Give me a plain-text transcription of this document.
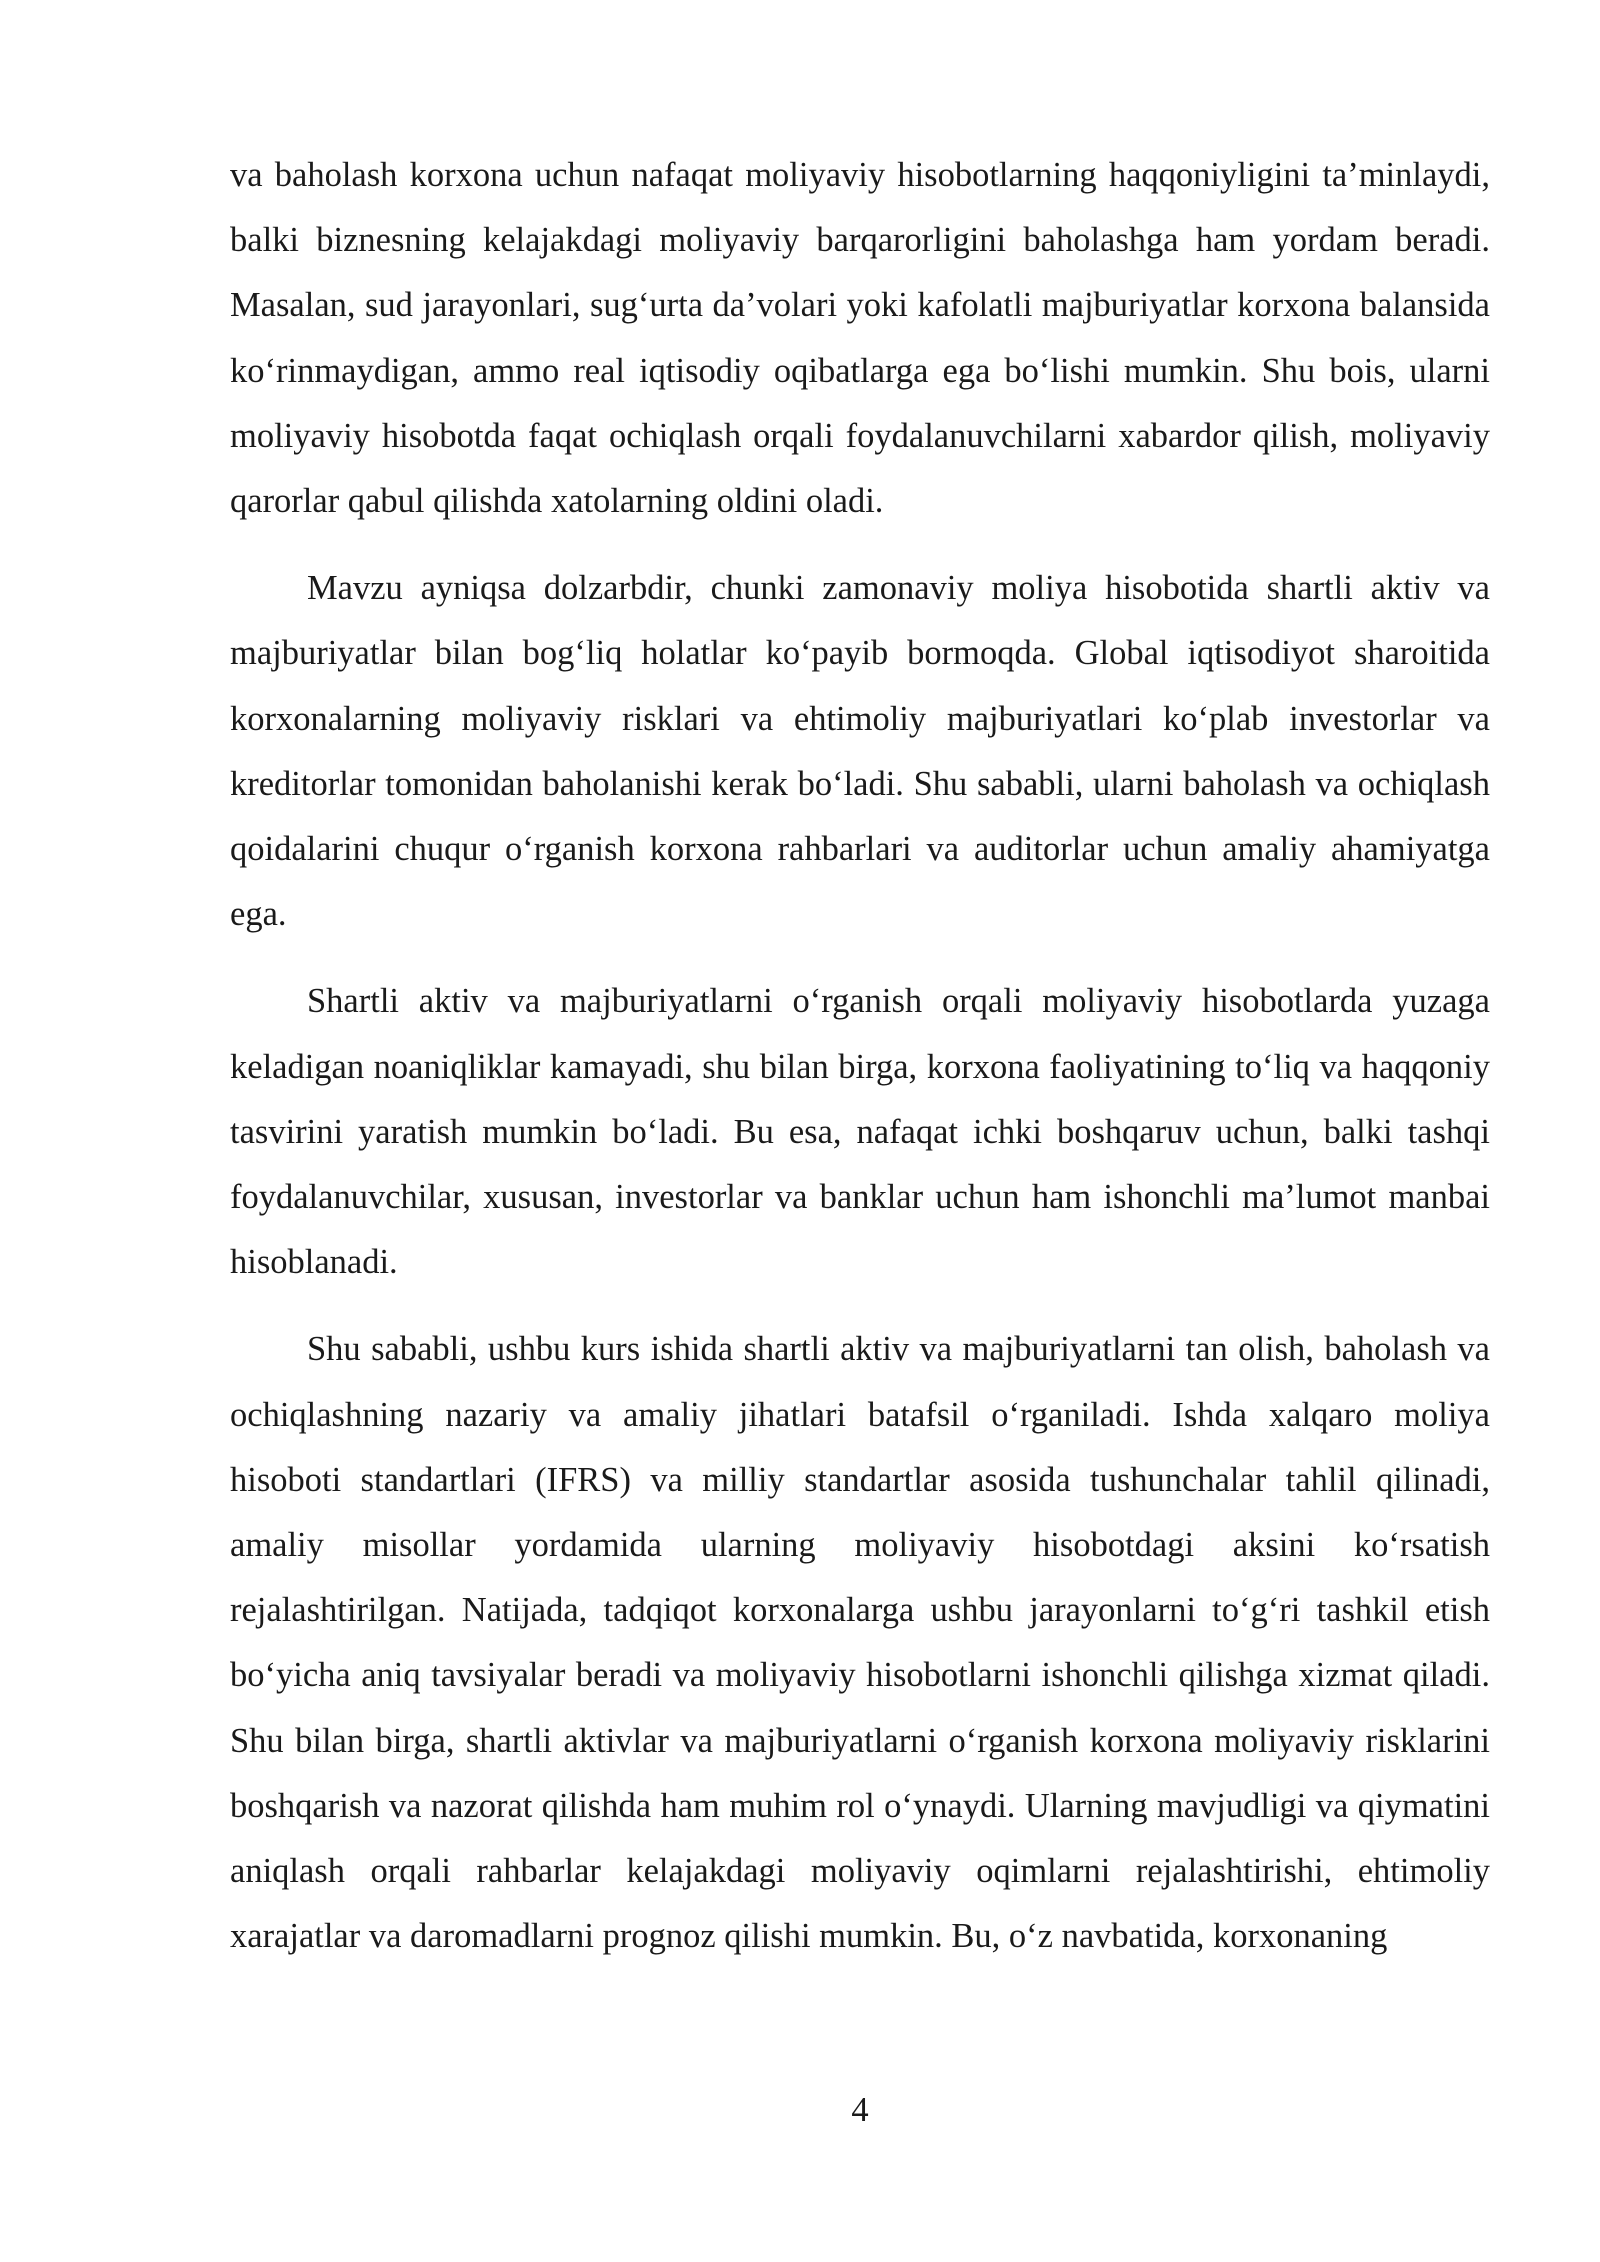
va baholash korxona uchun nafaqat moliyaviy hisobotlarning haqqoniyligini ta’minlaydi, balki biznesning kelajakdagi moliyaviy barqarorligini baholashga ham yordam beradi. Masalan, sud jarayonlari, sug‘urta da’volari yoki kafolatli majburiyatlar korxona balansida ko‘rinmaydigan, ammo real iqtisodiy oqibatlarga ega bo‘lishi mumkin. Shu bois, ularni moliyaviy hisobotda faqat ochiqlash orqali foydalanuvchilarni xabardor qilish, moliyaviy qarorlar qabul qilishda xatolarning oldini oladi.

Mavzu ayniqsa dolzarbdir, chunki zamonaviy moliya hisobotida shartli aktiv va majburiyatlar bilan bog‘liq holatlar ko‘payib bormoqda. Global iqtisodiyot sharoitida korxonalarning moliyaviy risklari va ehtimoliy majburiyatlari ko‘plab investorlar va kreditorlar tomonidan baholanishi kerak bo‘ladi. Shu sababli, ularni baholash va ochiqlash qoidalarini chuqur o‘rganish korxona rahbarlari va auditorlar uchun amaliy ahamiyatga ega.

Shartli aktiv va majburiyatlarni o‘rganish orqali moliyaviy hisobotlarda yuzaga keladigan noaniqliklar kamayadi, shu bilan birga, korxona faoliyatining to‘liq va haqqoniy tasvirini yaratish mumkin bo‘ladi. Bu esa, nafaqat ichki boshqaruv uchun, balki tashqi foydalanuvchilar, xususan, investorlar va banklar uchun ham ishonchli ma’lumot manbai hisoblanadi.

Shu sababli, ushbu kurs ishida shartli aktiv va majburiyatlarni tan olish, baholash va ochiqlashning nazariy va amaliy jihatlari batafsil o‘rganiladi. Ishda xalqaro moliya hisoboti standartlari (IFRS) va milliy standartlar asosida tushunchalar tahlil qilinadi, amaliy misollar yordamida ularning moliyaviy hisobotdagi aksini ko‘rsatish rejalashtirilgan. Natijada, tadqiqot korxonalarga ushbu jarayonlarni to‘g‘ri tashkil etish bo‘yicha aniq tavsiyalar beradi va moliyaviy hisobotlarni ishonchli qilishga xizmat qiladi. Shu bilan birga, shartli aktivlar va majburiyatlarni o‘rganish korxona moliyaviy risklarini boshqarish va nazorat qilishda ham muhim rol o‘ynaydi. Ularning mavjudligi va qiymatini aniqlash orqali rahbarlar kelajakdagi moliyaviy oqimlarni rejalashtirishi, ehtimoliy xarajatlar va daromadlarni prognoz qilishi mumkin. Bu, o‘z navbatida, korxonaning

4
